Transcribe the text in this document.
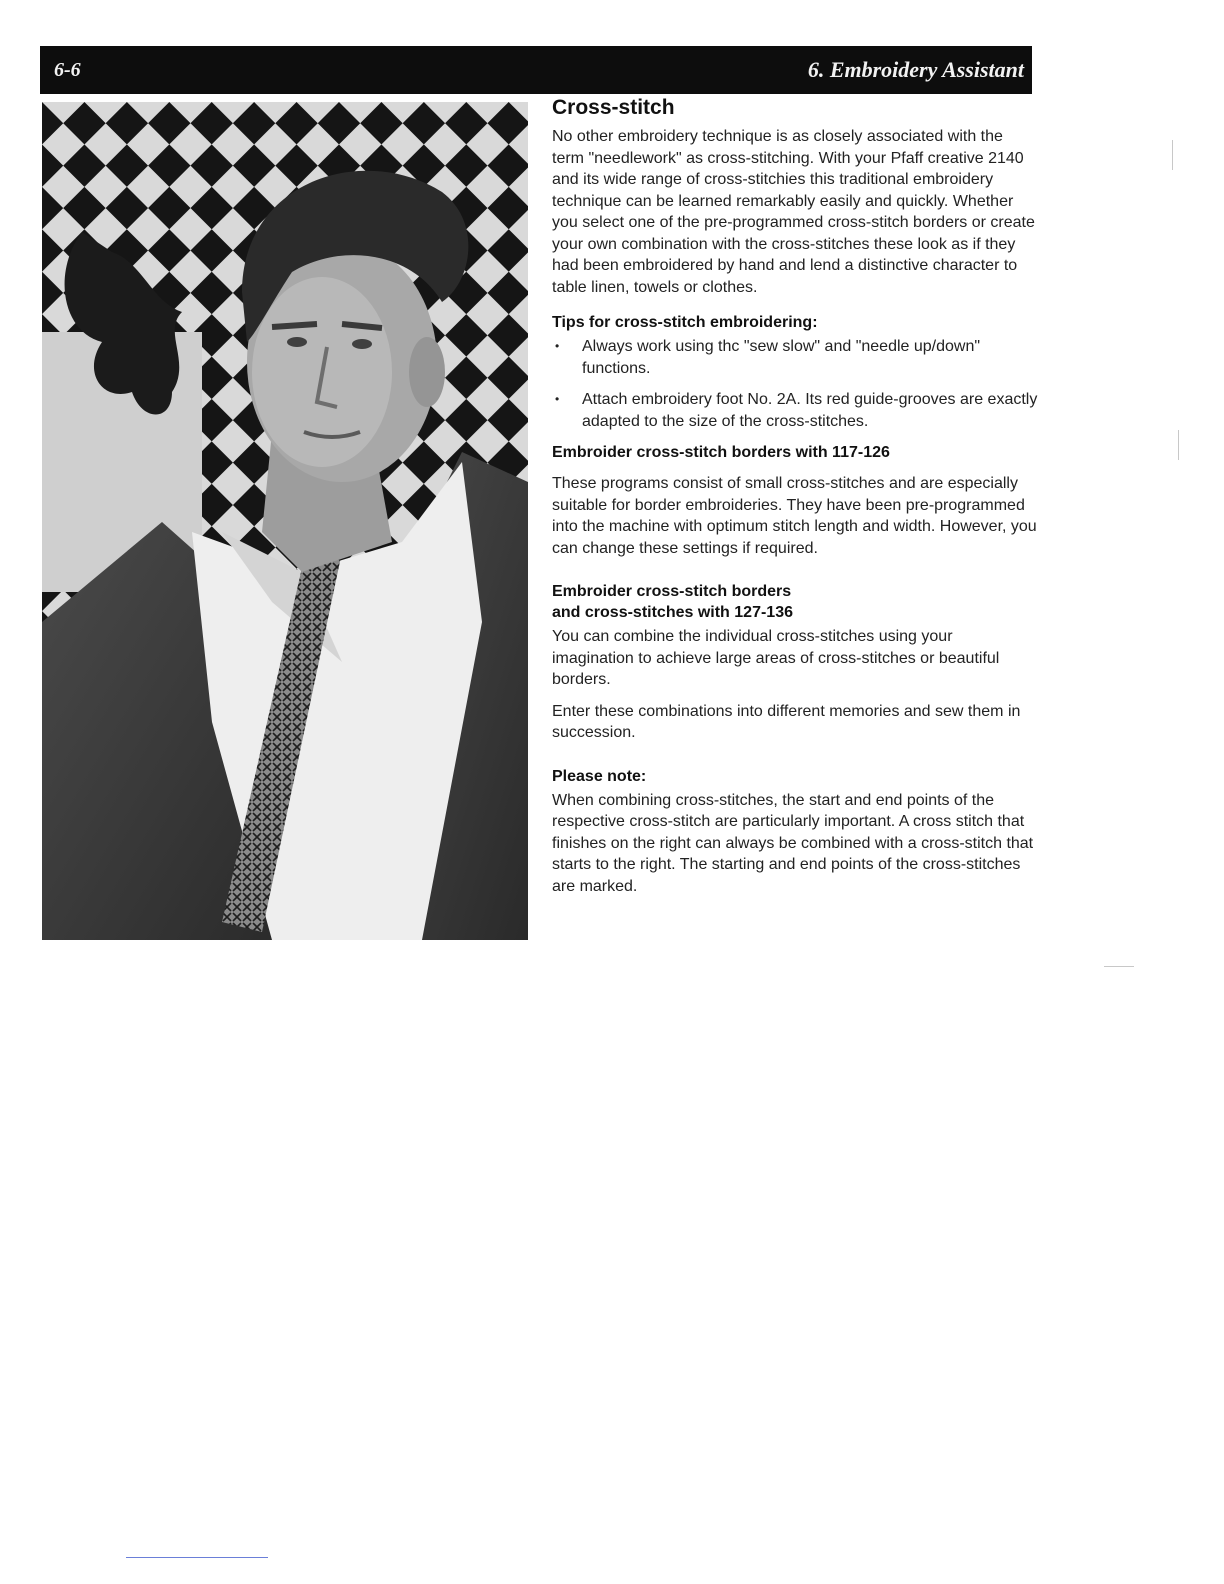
6-6	6. Embroidery Assistant
Cross-stitch

No other embroidery technique is as closely associated with the term "needlework" as cross-stitching. With your Pfaff creative 2140 and its wide range of cross-stitchies this traditional embroidery technique can be learned remarkably easily and quickly. Whether you select one of the pre-programmed cross-stitch borders or create your own combination with the cross-stitches these look as if they had been embroidered by hand and lend a distinctive character to table linen, towels or clothes.

Tips for cross-stitch embroidering:
• Always work using thc "sew slow" and "needle up/down" functions.
• Attach embroidery foot No. 2A. Its red guide-grooves are exactly adapted to the size of the cross-stitches.
Embroider cross-stitch borders with 117-126

These programs consist of small cross-stitches and are especially suitable for border embroideries. They have been pre-programmed into the machine with optimum stitch length and width. However, you can change these settings if required.

Embroider cross-stitch borders
and cross-stitches with 127-136

You can combine the individual cross-stitches using your imagination to achieve large areas of cross-stitches or beautiful borders.

Enter these combinations into different memories and sew them in succession.

Please note:

When combining cross-stitches, the start and end points of the respective cross-stitch are particularly important. A cross stitch that finishes on the right can always be combined with a cross-stitch that starts to the right. The starting and end points of the cross-stitches are marked.
